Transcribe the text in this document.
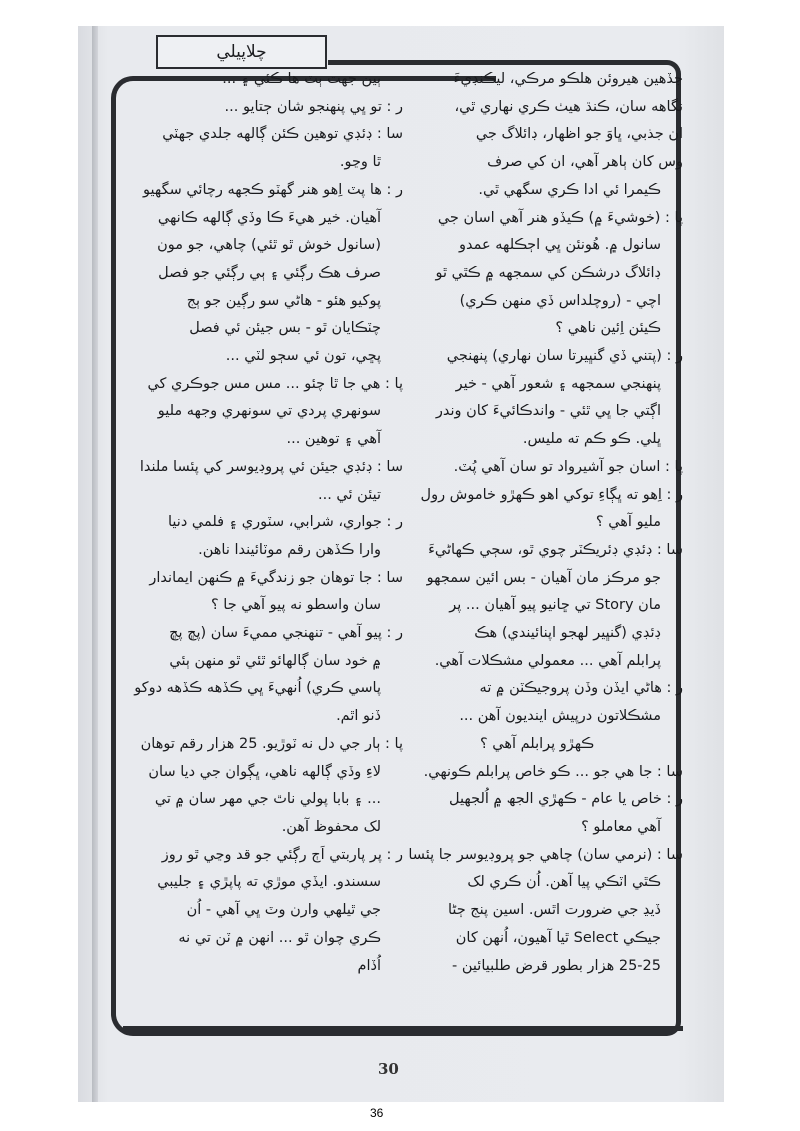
چلاپيلي
جڏهين هيروئن هلڪو مرڪي، ليڪنڊيءَ
نگاهه سان، ڪنڌ هيٺ ڪري نهاري ٿي،
ان جذبي، ڀاوَ جو اظهار، ڊائلاگ جي
وس کان ٻاهر آهي، ان کي صرف
ڪيمرا ئي ادا ڪري سگهي ٿي.
پا : (خوشيءَ ۾) ڪيڏو هنر آهي اسان جي
سانول ۾. هُونئن ڀي اڄڪلهه عمدو
ڊائلاگ درشڪن کي سمجهه ۾ ڪٿي ٿو
اچي - (روچلداس ڏي منهن ڪري)
ڪيئن اِئين ناهي ؟
ر : (پتني ڏي گنڀيرتا سان نهاري) پنهنجي
پنهنجي سمجهه ۽ شعور آهي - خير
اڳتي جا ڀي ٿئي - واندڪائيءَ کان وندر
ڀلي. ڪو ڪم ته مليس.
پا : اسان جو آشيرواد تو سان آهي پُٽ.
ر : اِهو ته ڀڳاءِ توکي اهو ڪهڙو خاموش رول
مليو آهي ؟
سا : ڊئڊي ڊئريڪٽر چوي ٿو، سڄي ڪهاڻيءَ
جو مرڪز مان آهيان - بس ائين سمجهو
مان Story تي ڇانيو پيو آهيان ... پر
ڊئڊي (گنڀير لهجو اپنائيندي) هڪ
پرابلم آهي ... معمولي مشڪلات آهي.
ر : هاڻي ايڏن وڏن پروجيڪٽن ۾ ته
مشڪلاتون درپيش اينديون آهن ...
ڪهڙو پرابلم آهي ؟
سا : جا هي جو ... ڪو خاص پرابلم ڪونهي.
ر : خاص يا عام - ڪهڙي الجھ ۾ اُلجهيل
آهي معاملو ؟
سا : (نرمي سان) چاهي جو پروڊيوسر جا پئسا
ڪٿي اٽڪي پيا آهن. اُن ڪري لک
ڏيڍ جي ضرورت اٿس. اسين پنج ڄڻا
جيڪي Select ٿيا آهيون، اُنهن کان
25-25 هزار بطور قرض طلبيائين -
ٻين جهت ٻٽ ها ڪئي ۽ ...
ر : تو ڀي پنهنجو شان ڄتايو ...
سا : ڊئڊي توهين ڪئن ڳالهه جلدي جهٽي
ٿا وڃو.
ر : ها پٽ اِهو هنر گهٽو ڪجهه رچائي سگهيو
آهيان. خير هيءَ ڪا وڏي ڳالهه ڪانهي
(سانول خوش ٿو ٿئي) چاهي، جو مون
صرف هڪ رڳئي ۽ ٻي رڳئي جو فصل
پوکيو هئو - هاڻي سو رڳين جو ٻج
چٽڪايان ٿو - بس جيئن ئي فصل
پڇي، تون ئي سڄو لٽي ...
پا : هي جا ٿا چئو ... مس مس جوڪري کي
سونهري پردي تي سونهري وجهه مليو
آهي ۽ توهين ...
سا : ڊئڊي جيئن ئي پروڊيوسر کي پئسا ملندا
تيئن ئي ...
ر : جواري، شرابي، سٽوري ۽ فلمي دنيا
وارا ڪڏهن رقم موٽائيندا ناهن.
سا : جا توهان جو زندگيءَ ۾ ڪنهن ايماندار
سان واسطو نه پيو آهي جا ؟
ر : پيو آهي - تنهنجي مميءَ سان (پڇ پڇ
۾ خود سان ڳالهائو ٿئي ٿو منهن ٻئي
پاسي ڪري) اُنهيءَ ڀي ڪڏهه ڪڏهه دوکو
ڏنو اٿم.
پا : ٻار جي دل نه ٽوڙيو. 25 هزار رقم توهان
لاءِ وڏي ڳالهه ناهي، ڀڳوان جي ديا سان
... ۽ بابا پولي ناٿ جي مهر سان ۾ تي
لک محفوظ آهن.
ر : پر پاربتي اَڄ رڳئي جو قد وڃي ٿو روز
سسندو. ايڏي موڙي ته پاپڙي ۽ جليبي
جي ٿيلهي وارن وٽ ڀي آهي - اُن
ڪري چوان ٿو ... انهن ۾ ٽن تي نه
اُڏام
30
36
